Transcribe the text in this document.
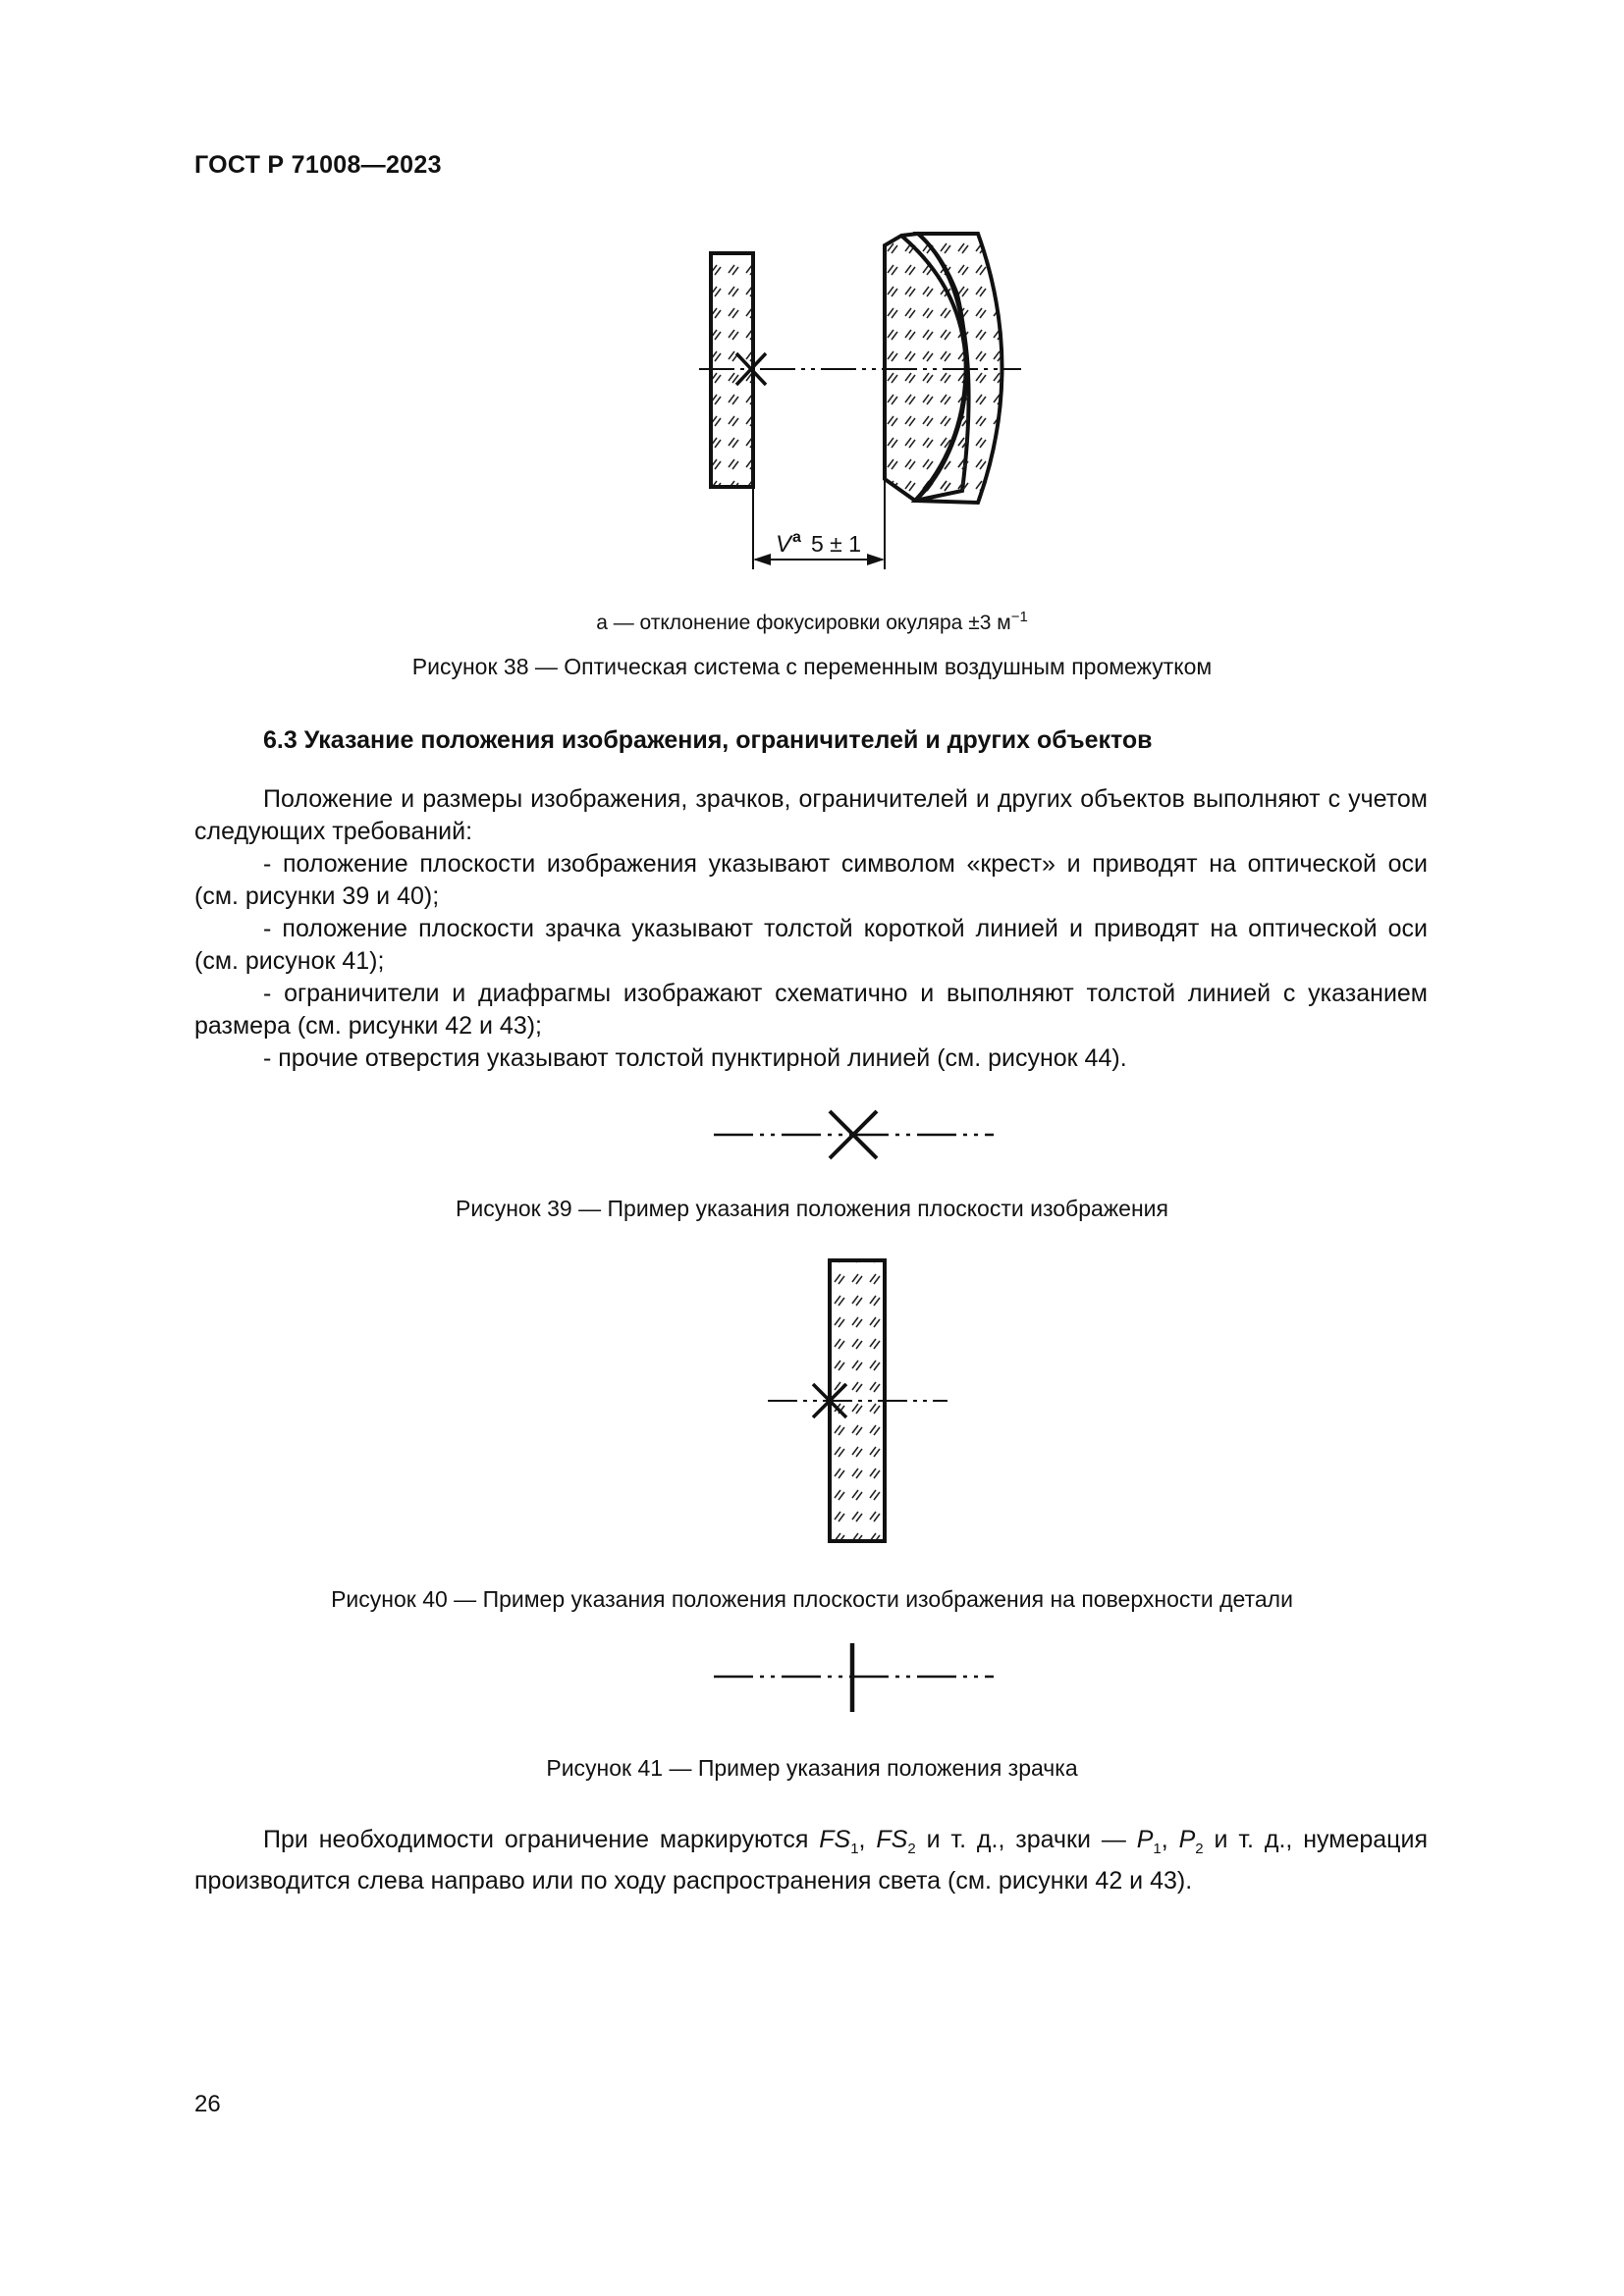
ГОСТ Р 71008—2023
V a 5 ± 1
a — отклонение фокусировки окуляра ±3 $м^{-1}$
Рисунок 38 — Оптическая система с переменным воздушным промежутком
6.3 Указание положения изображения, ограничителей и других объектов
Положение и размеры изображения, зрачков, ограничителей и других объектов выполняют с учетом следующих требований:
- положение плоскости изображения указывают символом «крест» и приводят на оптической оси (см. рисунки 39 и 40);
- положение плоскости зрачка указывают толстой короткой линией и приводят на оптической оси (см. рисунок 41);
- ограничители и диафрагмы изображают схематично и выполняют толстой линией с указанием размера (см. рисунки 42 и 43);
- прочие отверстия указывают толстой пунктирной линией (см. рисунок 44).
Рисунок 39 — Пример указания положения плоскости изображения
Рисунок 40 — Пример указания положения плоскости изображения на поверхности детали
Рисунок 41 — Пример указания положения зрачка
При необходимости ограничение маркируются $FS_1$, $FS_2$ и т. д., зрачки — $P_1$, $P_2$ и т. д., нумерация производится слева направо или по ходу распространения света (см. рисунки 42 и 43).
26
